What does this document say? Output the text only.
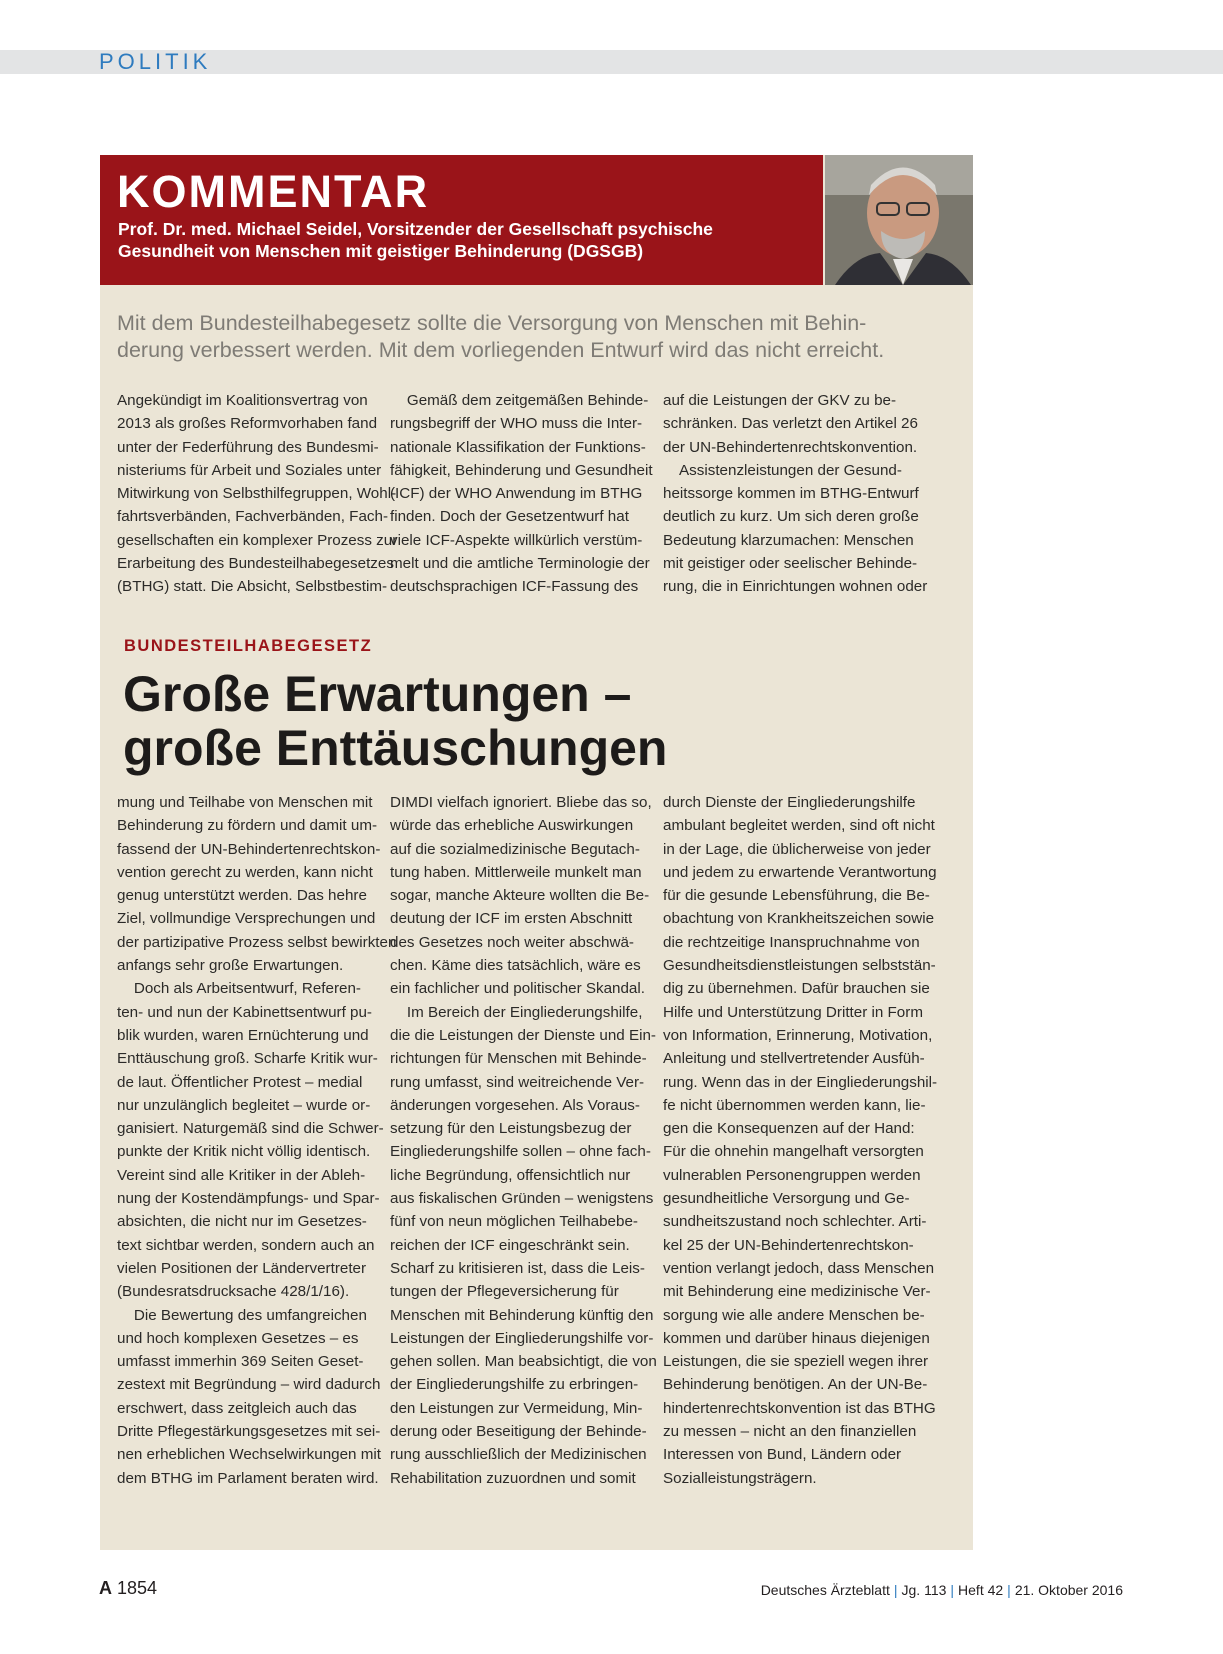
POLITIK
KOMMENTAR
Prof. Dr. med. Michael Seidel, Vorsitzender der Gesellschaft psychische
Gesundheit von Menschen mit geistiger Behinderung (DGSGB)
Mit dem Bundesteilhabegesetz sollte die Versorgung von Menschen mit Behin-
derung verbessert werden. Mit dem vorliegenden Entwurf wird das nicht erreicht.
Angekündigt im Koalitionsvertrag von
2013 als großes Reformvorhaben fand
unter der Federführung des Bundesmi-
nisteriums für Arbeit und Soziales unter
Mitwirkung von Selbsthilfegruppen, Wohl-
fahrtsverbänden, Fachverbänden, Fach-
gesellschaften ein komplexer Prozess zur
Erarbeitung des Bundesteilhabegesetzes
(BTHG) statt. Die Absicht, Selbstbestim-
Gemäß dem zeitgemäßen Behinde-
rungsbegriff der WHO muss die Inter-
nationale Klassifikation der Funktions-
fähigkeit, Behinderung und Gesundheit
(ICF) der WHO Anwendung im BTHG
finden. Doch der Gesetzentwurf hat
viele ICF-Aspekte willkürlich verstüm-
melt und die amtliche Terminologie der
deutschsprachigen ICF-Fassung des
auf die Leistungen der GKV zu be-
schränken. Das verletzt den Artikel 26
der UN-Behindertenrechtskonvention.
Assistenzleistungen der Gesund-
heitssorge kommen im BTHG-Entwurf
deutlich zu kurz. Um sich deren große
Bedeutung klarzumachen: Menschen
mit geistiger oder seelischer Behinde-
rung, die in Einrichtungen wohnen oder
BUNDESTEILHABEGESETZ
Große Erwartungen –
große Enttäuschungen
mung und Teilhabe von Menschen mit
Behinderung zu fördern und damit um-
fassend der UN-Behindertenrechtskon-
vention gerecht zu werden, kann nicht
genug unterstützt werden. Das hehre
Ziel, vollmundige Versprechungen und
der partizipative Prozess selbst bewirkten
anfangs sehr große Erwartungen.
Doch als Arbeitsentwurf, Referen-
ten- und nun der Kabinettsentwurf pu-
blik wurden, waren Ernüchterung und
Enttäuschung groß. Scharfe Kritik wur-
de laut. Öffentlicher Protest – medial
nur unzulänglich begleitet – wurde or-
ganisiert. Naturgemäß sind die Schwer-
punkte der Kritik nicht völlig identisch.
Vereint sind alle Kritiker in der Ableh-
nung der Kostendämpfungs- und Spar-
absichten, die nicht nur im Gesetzes-
text sichtbar werden, sondern auch an
vielen Positionen der Ländervertreter
(Bundesratsdrucksache 428/1/16).
Die Bewertung des umfangreichen
und hoch komplexen Gesetzes – es
umfasst immerhin 369 Seiten Geset-
zestext mit Begründung – wird dadurch
erschwert, dass zeitgleich auch das
Dritte Pflegestärkungsgesetzes mit sei-
nen erheblichen Wechselwirkungen mit
dem BTHG im Parlament beraten wird.
DIMDI vielfach ignoriert. Bliebe das so,
würde das erhebliche Auswirkungen
auf die sozialmedizinische Begutach-
tung haben. Mittlerweile munkelt man
sogar, manche Akteure wollten die Be-
deutung der ICF im ersten Abschnitt
des Gesetzes noch weiter abschwä-
chen. Käme dies tatsächlich, wäre es
ein fachlicher und politischer Skandal.
Im Bereich der Eingliederungshilfe,
die die Leistungen der Dienste und Ein-
richtungen für Menschen mit Behinde-
rung umfasst, sind weitreichende Ver-
änderungen vorgesehen. Als Voraus-
setzung für den Leistungsbezug der
Eingliederungshilfe sollen – ohne fach-
liche Begründung, offensichtlich nur
aus fiskalischen Gründen – wenigstens
fünf von neun möglichen Teilhabebe-
reichen der ICF eingeschränkt sein.
Scharf zu kritisieren ist, dass die Leis-
tungen der Pflegeversicherung für
Menschen mit Behinderung künftig den
Leistungen der Eingliederungshilfe vor-
gehen sollen. Man beabsichtigt, die von
der Eingliederungshilfe zu erbringen-
den Leistungen zur Vermeidung, Min-
derung oder Beseitigung der Behinde-
rung ausschließlich der Medizinischen
Rehabilitation zuzuordnen und somit
durch Dienste der Eingliederungshilfe
ambulant begleitet werden, sind oft nicht
in der Lage, die üblicherweise von jeder
und jedem zu erwartende Verantwortung
für die gesunde Lebensführung, die Be-
obachtung von Krankheitszeichen sowie
die rechtzeitige Inanspruchnahme von
Gesundheitsdienstleistungen selbststän-
dig zu übernehmen. Dafür brauchen sie
Hilfe und Unterstützung Dritter in Form
von Information, Erinnerung, Motivation,
Anleitung und stellvertretender Ausfüh-
rung. Wenn das in der Eingliederungshil-
fe nicht übernommen werden kann, lie-
gen die Konsequenzen auf der Hand:
Für die ohnehin mangelhaft versorgten
vulnerablen Personengruppen werden
gesundheitliche Versorgung und Ge-
sundheitszustand noch schlechter. Arti-
kel 25 der UN-Behindertenrechtskon-
vention verlangt jedoch, dass Menschen
mit Behinderung eine medizinische Ver-
sorgung wie alle andere Menschen be-
kommen und darüber hinaus diejenigen
Leistungen, die sie speziell wegen ihrer
Behinderung benötigen. An der UN-Be-
hindertenrechtskonvention ist das BTHG
zu messen – nicht an den finanziellen
Interessen von Bund, Ländern oder
Sozialleistungsträgern.
A 1854	Deutsches Ärzteblatt | Jg. 113 | Heft 42 | 21. Oktober 2016
